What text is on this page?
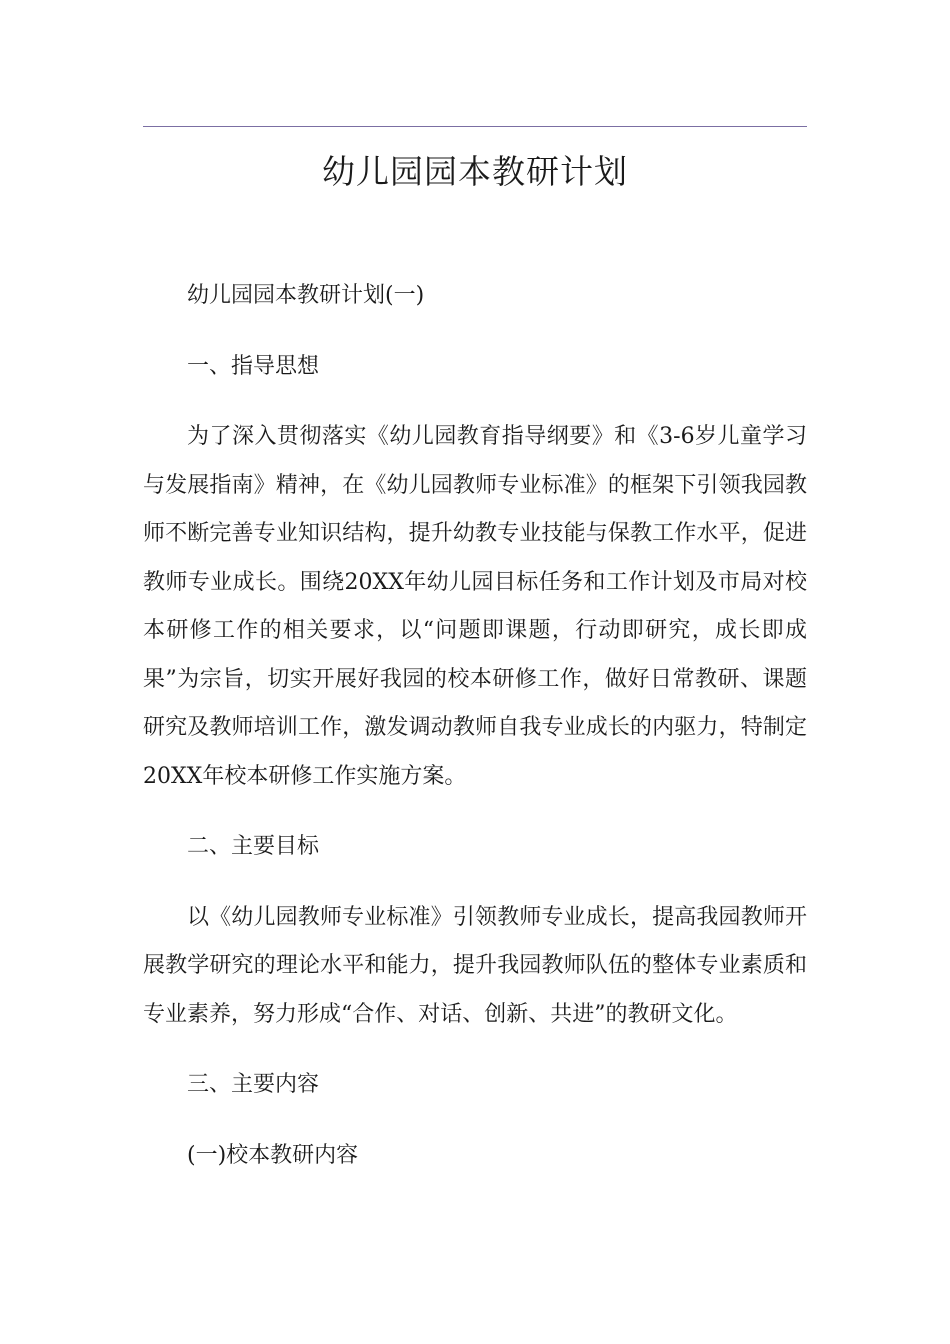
幼儿园园本教研计划

幼儿园园本教研计划(一)

一、指导思想

为了深入贯彻落实《幼儿园教育指导纲要》和《3-6岁儿童学习与发展指南》精神，在《幼儿园教师专业标准》的框架下引领我园教师不断完善专业知识结构，提升幼教专业技能与保教工作水平，促进教师专业成长。围绕20XX年幼儿园目标任务和工作计划及市局对校本研修工作的相关要求，以“问题即课题，行动即研究，成长即成果”为宗旨，切实开展好我园的校本研修工作，做好日常教研、课题研究及教师培训工作，激发调动教师自我专业成长的内驱力，特制定20XX年校本研修工作实施方案。

二、主要目标

以《幼儿园教师专业标准》引领教师专业成长，提高我园教师开展教学研究的理论水平和能力，提升我园教师队伍的整体专业素质和专业素养，努力形成“合作、对话、创新、共进”的教研文化。

三、主要内容

(一)校本教研内容
